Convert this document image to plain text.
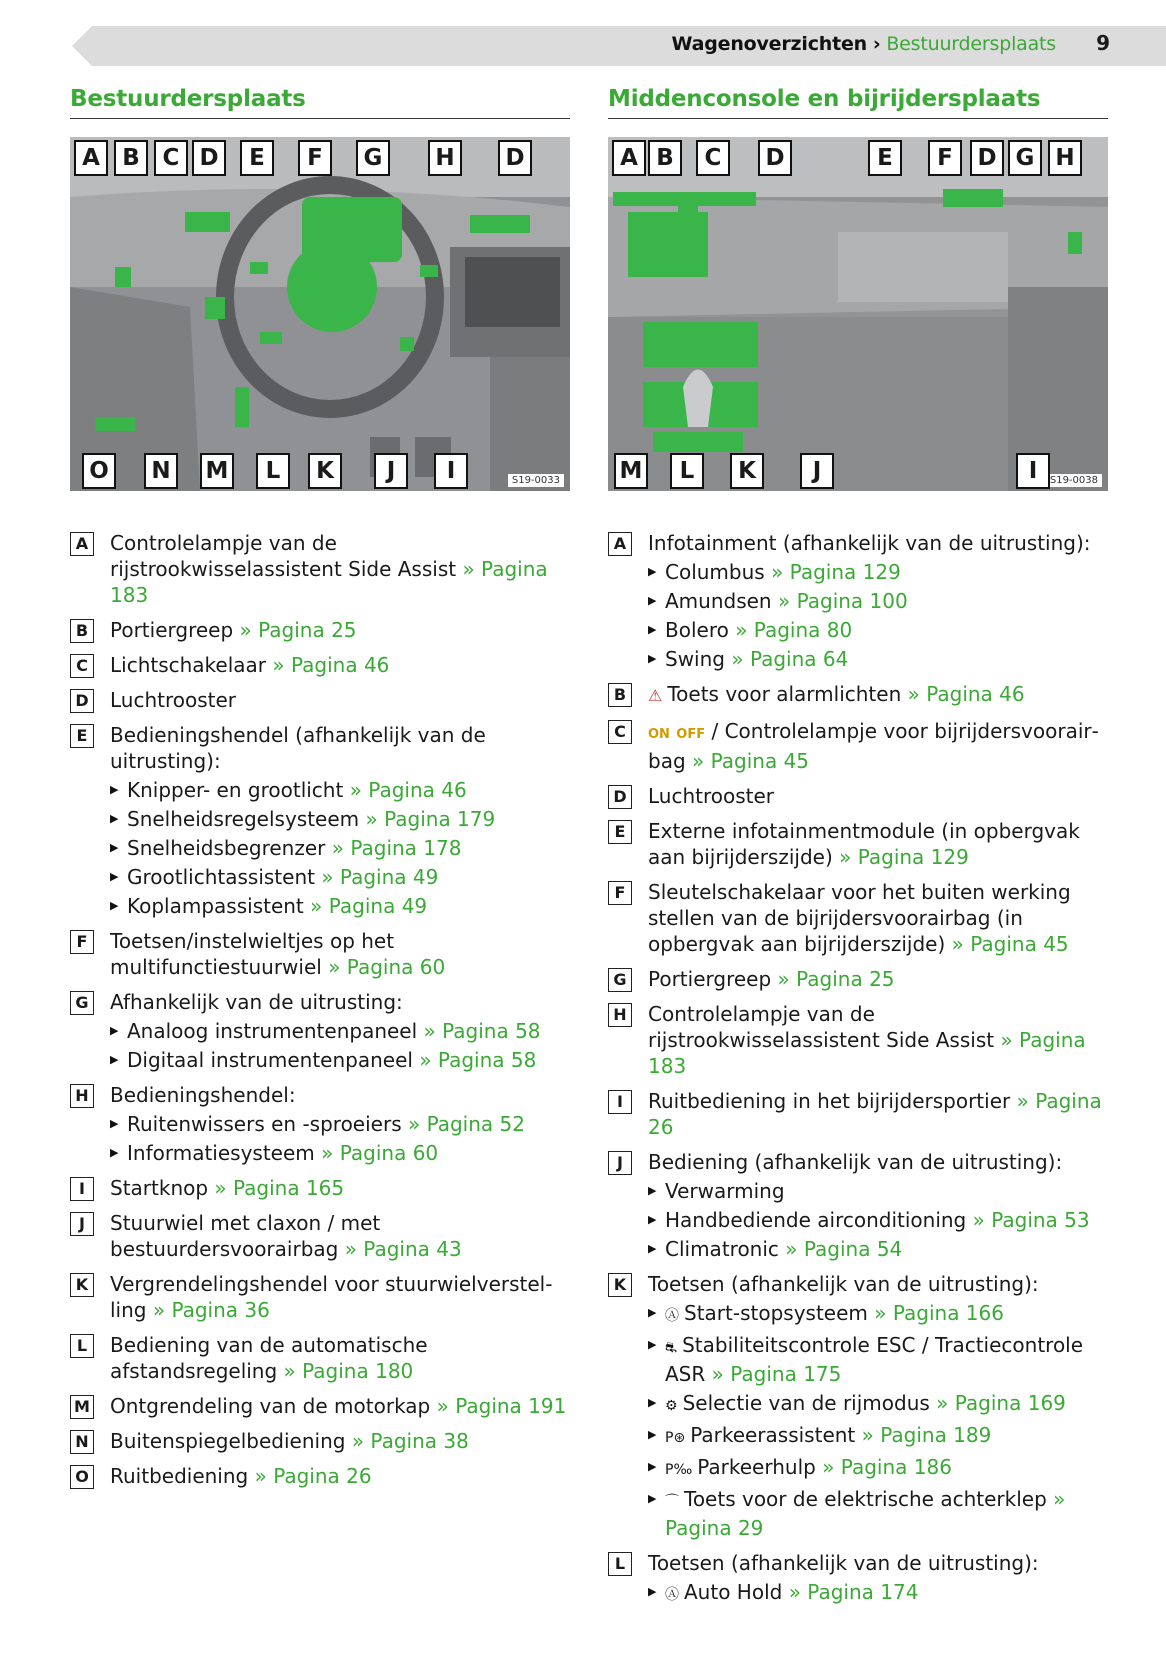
Wagenoverzichten › Bestuurdersplaats 9
Bestuurdersplaats
S19-0033
A B C D	E	F	G	H	D
O	N	M	L	K	J	I
A Controlelampje van de rijstrookwisselassistent Side Assist » Pagina 183
B Portiergreep » Pagina 25
C	Lichtschakelaar » Pagina 46
D Luchtrooster
E	Bedieningshendel (afhankelijk van de uitrusting):
▶ Knipper- en grootlicht » Pagina 46
▶ Snelheidsregelsysteem » Pagina 179
▶ Snelheidsbegrenzer » Pagina 178
▶ Grootlichtassistent » Pagina 49
▶ Koplampassistent » Pagina 49
F	Toetsen/instelwieltjes op het multifunctiestuurwiel » Pagina 60
G Afhankelijk van de uitrusting:
▶ Analoog instrumentenpaneel » Pagina 58
▶ Digitaal instrumentenpaneel » Pagina 58
H Bedieningshendel:
▶ Ruitenwissers en -sproeiers » Pagina 52
▶ Informatiesysteem » Pagina 60
I	Startknop » Pagina 165
J	Stuurwiel met claxon / met bestuurdersvoorairbag » Pagina 43
K Vergrendelingshendel voor stuurwielverstelling » Pagina 36
L	Bediening van de automatische afstandsregeling » Pagina 180
M Ontgrendeling van de motorkap » Pagina 191
N Buitenspiegelbediening » Pagina 38
O Ruitbediening » Pagina 26
Middenconsole en bijrijdersplaats
S19-0038
A B	C	D	E	F	D G H
M	L	K	J	I
A Infotainment (afhankelijk van de uitrusting):
▶ Columbus » Pagina 129
▶ Amundsen » Pagina 100
▶ Bolero » Pagina 80
▶ Swing » Pagina 64
B	⚠ Toets voor alarmlichten » Pagina 46
C	ON OFF / Controlelampje voor bijrijdersvoorairbag » Pagina 45
D Luchtrooster
E	Externe infotainmentmodule (in opbergvak aan bijrijderszijde) » Pagina 129
F	Sleutelschakelaar voor het buiten werking stellen van de bijrijdersvoorairbag (in opbergvak aan bijrijderszijde) » Pagina 45
G Portiergreep » Pagina 25
H Controlelampje van de rijstrookwisselassistent Side Assist » Pagina 183
I	Ruitbediening in het bijrijdersportier » Pagina 26
J	Bediening (afhankelijk van de uitrusting):
▶ Verwarming
▶ Handbediende airconditioning » Pagina 53
▶ Climatronic » Pagina 54
K Toetsen (afhankelijk van de uitrusting):
▶ Ⓐ Start-stopsysteem » Pagina 166
▶ ⛐ Stabiliteitscontrole ESC / Tractiecontrole ASR » Pagina 175
▶ ⚙ Selectie van de rijmodus » Pagina 169
▶ P⊛ Parkeerassistent » Pagina 189
▶ P‰ Parkeerhulp » Pagina 186
▶ ⌒ Toets voor de elektrische achterklep » Pagina 29
L	Toetsen (afhankelijk van de uitrusting):
▶ Ⓐ Auto Hold » Pagina 174
